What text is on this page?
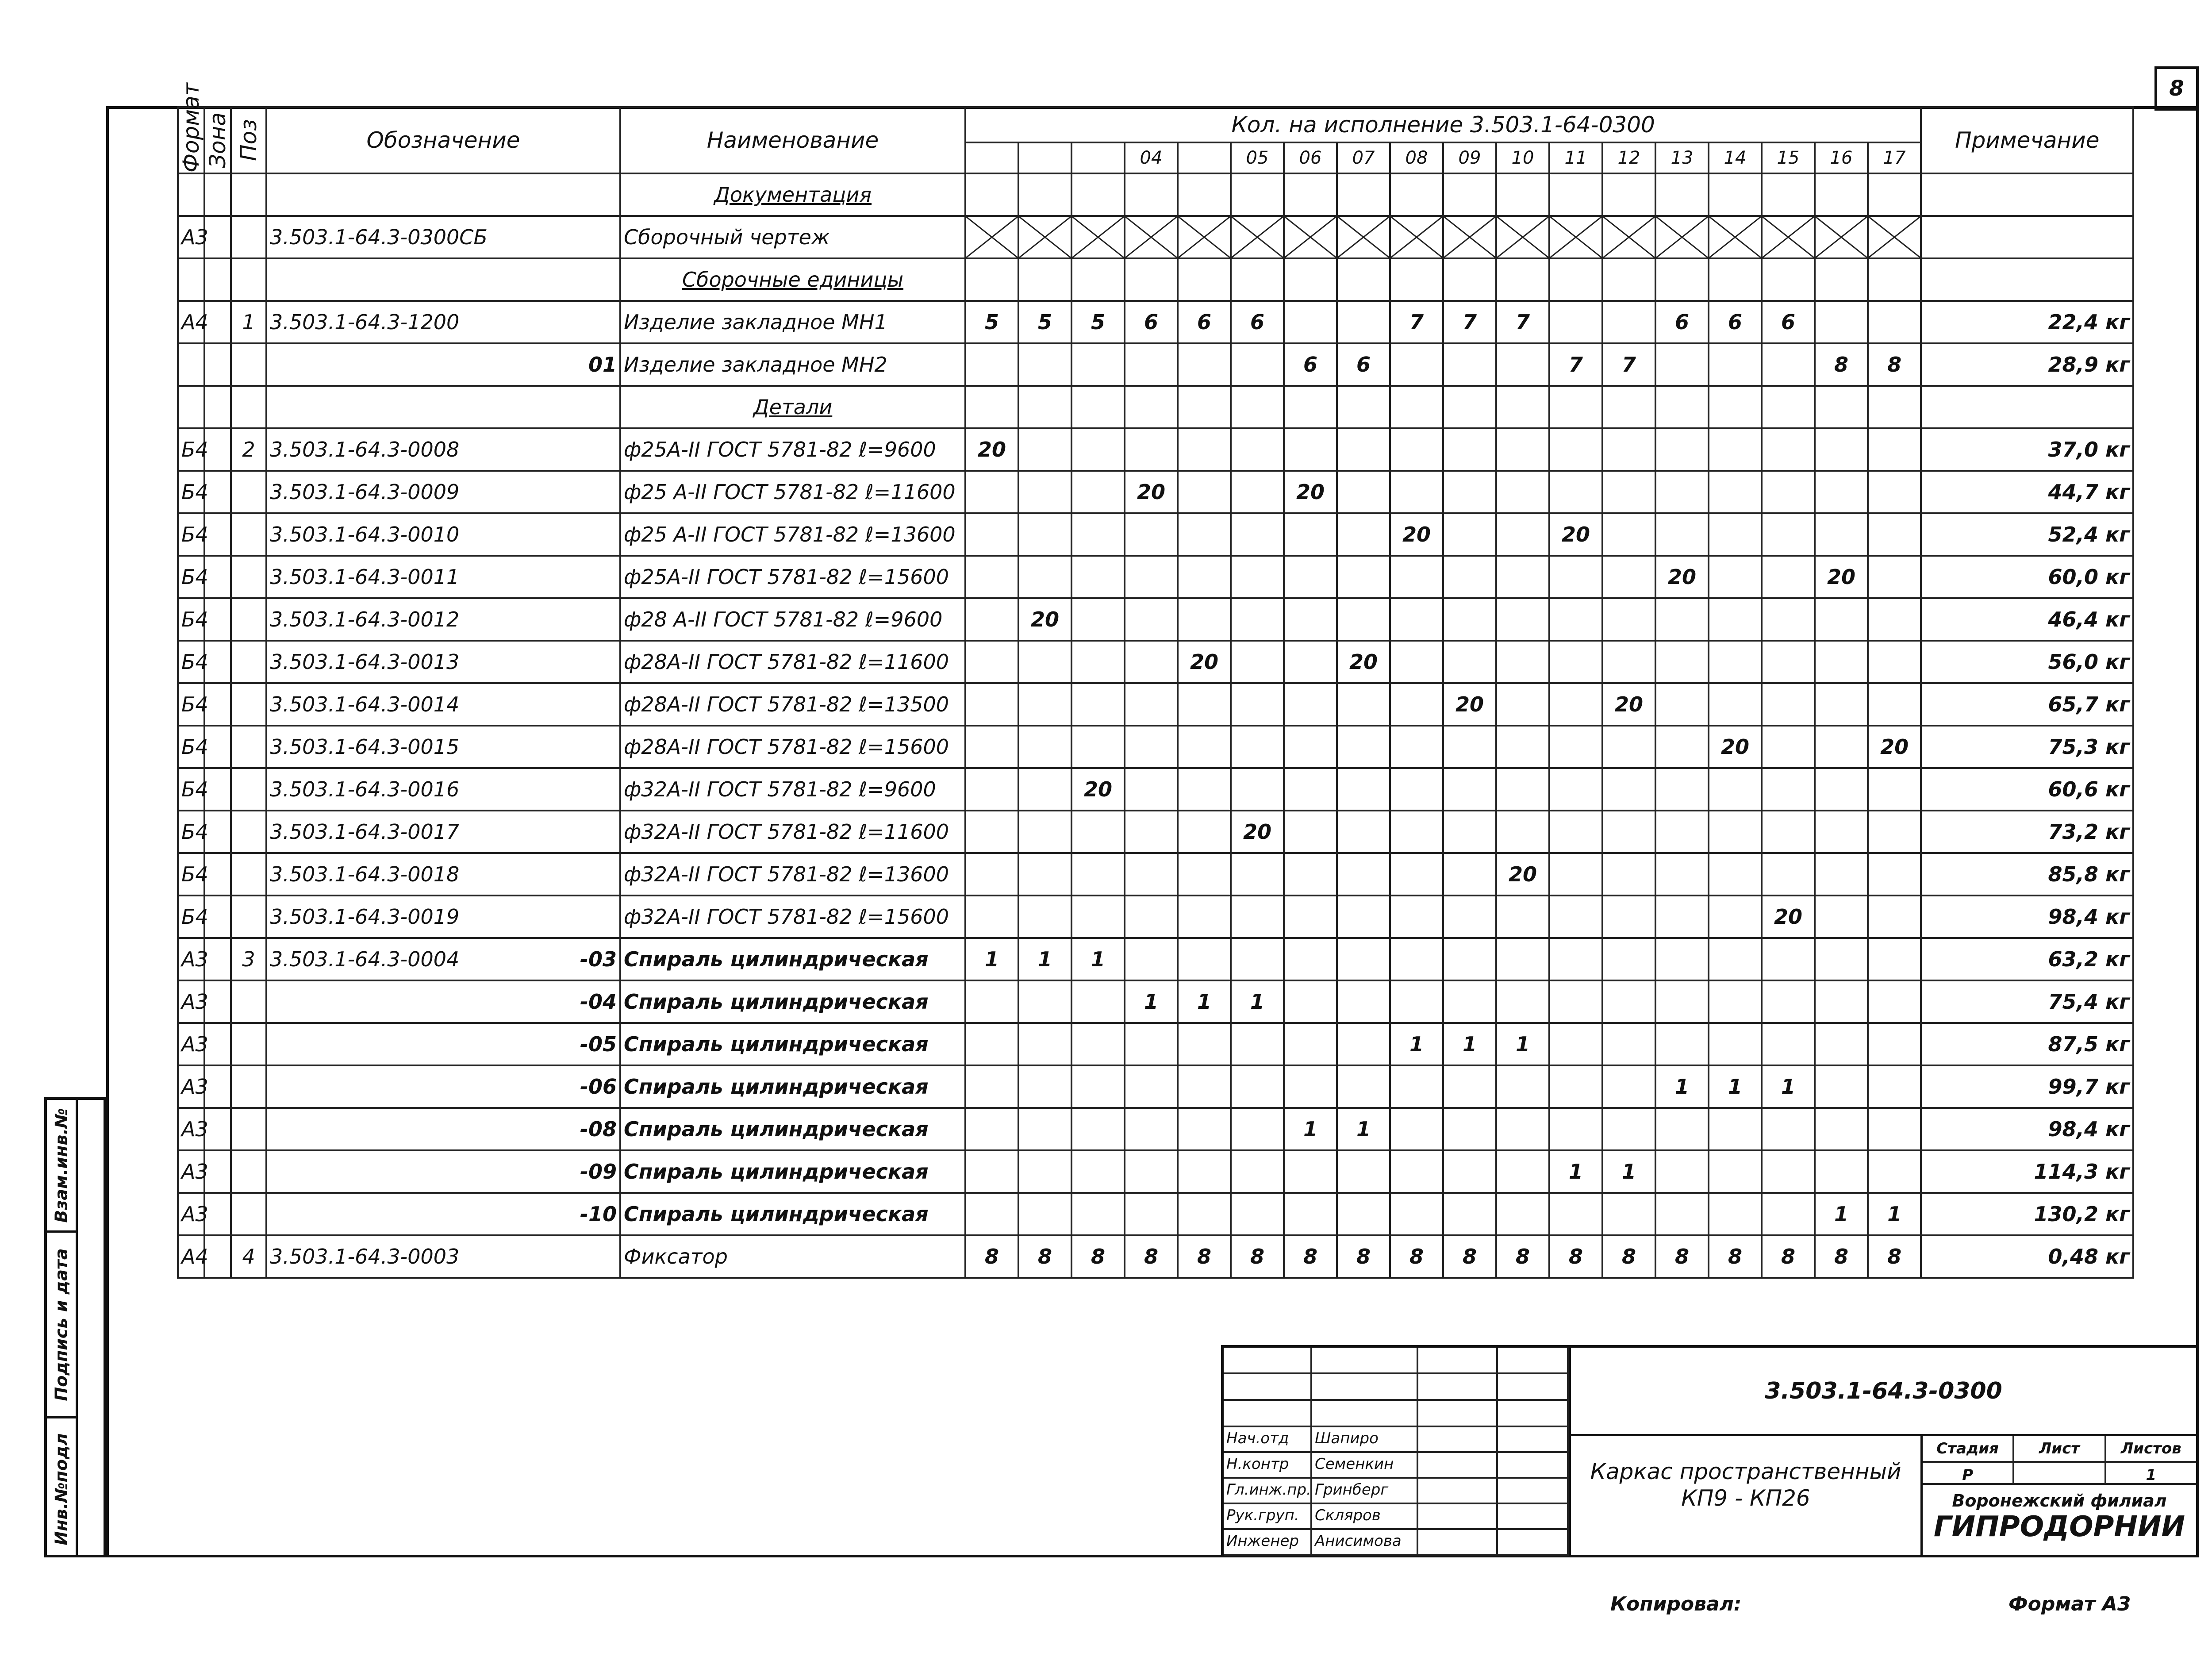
8
Взам.инв.№
Подпись и дата
Инв.№подл
Формат	Зона	Поз	Обозначение	Наименование	Кол. на исполнение 3.503.1-64-0300																		Примечание
								04		05	06	07	08	09	10	11	12	13	14	15	16	17	
				Документация																			
А3			3.503.1-64.3-0300СБ	Сборочный чертеж	

				Сборочные единицы																			
А4		1	3.503.1-64.3-1200	Изделие закладное МН1	5	5	5	6	6	6			7	7	7			6	6	6			22,4 кг

			01	Изделие закладное МН2							6	6				7	7				8	8	28,9 кг
				Детали																			
Б4		2	3.503.1-64.3-0008	ф25А-II ГОСТ 5781-82 ℓ=9600	20																		37,0 кг
Б4			3.503.1-64.3-0009	ф25 А-II ГОСТ 5781-82 ℓ=11600				20			20												44,7 кг
Б4			3.503.1-64.3-0010	ф25 А-II ГОСТ 5781-82 ℓ=13600									20			20							52,4 кг
Б4			3.503.1-64.3-0011	ф25А-II ГОСТ 5781-82 ℓ=15600														20			20		60,0 кг
Б4			3.503.1-64.3-0012	ф28 А-II ГОСТ 5781-82 ℓ=9600		20																	46,4 кг
Б4			3.503.1-64.3-0013	ф28А-II ГОСТ 5781-82 ℓ=11600					20			20											56,0 кг
Б4			3.503.1-64.3-0014	ф28А-II ГОСТ 5781-82 ℓ=13500										20			20						65,7 кг
Б4			3.503.1-64.3-0015	ф28А-II ГОСТ 5781-82 ℓ=15600															20			20	75,3 кг
Б4			3.503.1-64.3-0016	ф32А-II ГОСТ 5781-82 ℓ=9600			20																60,6 кг
Б4			3.503.1-64.3-0017	ф32А-II ГОСТ 5781-82 ℓ=11600						20													73,2 кг
Б4			3.503.1-64.3-0018	ф32А-II ГОСТ 5781-82 ℓ=13600											20								85,8 кг
Б4			3.503.1-64.3-0019	ф32А-II ГОСТ 5781-82 ℓ=15600																20			98,4 кг
А3		3	3.503.1-64.3-0004 -03	Спираль цилиндрическая	1	1	1																63,2 кг
А3			-04	Спираль цилиндрическая				1	1	1													75,4 кг
А3			-05	Спираль цилиндрическая									1	1	1								87,5 кг
А3			-06	Спираль цилиндрическая														1	1	1			99,7 кг
А3			-08	Спираль цилиндрическая							1	1											98,4 кг
А3			-09	Спираль цилиндрическая												1	1						114,3 кг
А3			-10	Спираль цилиндрическая																	1	1	130,2 кг
А4		4	3.503.1-64.3-0003	Фиксатор	8	8	8	8	8	8	8	8	8	8	8	8	8	8	8	8	8	8	0,48 кг
Нач.отд	Шапиро
Н.контр	Семенкин
Гл.инж.пр. Гринберг
Рук.груп.	Скляров
Инженер	Анисимова
3.503.1-64.3-0300
Каркас пространственный
КП9 - КП26
Стадия	Лист	Листов
Р	1
Воронежский филиал
ГИПРОДОРНИИ
Копировал:	Формат А3
